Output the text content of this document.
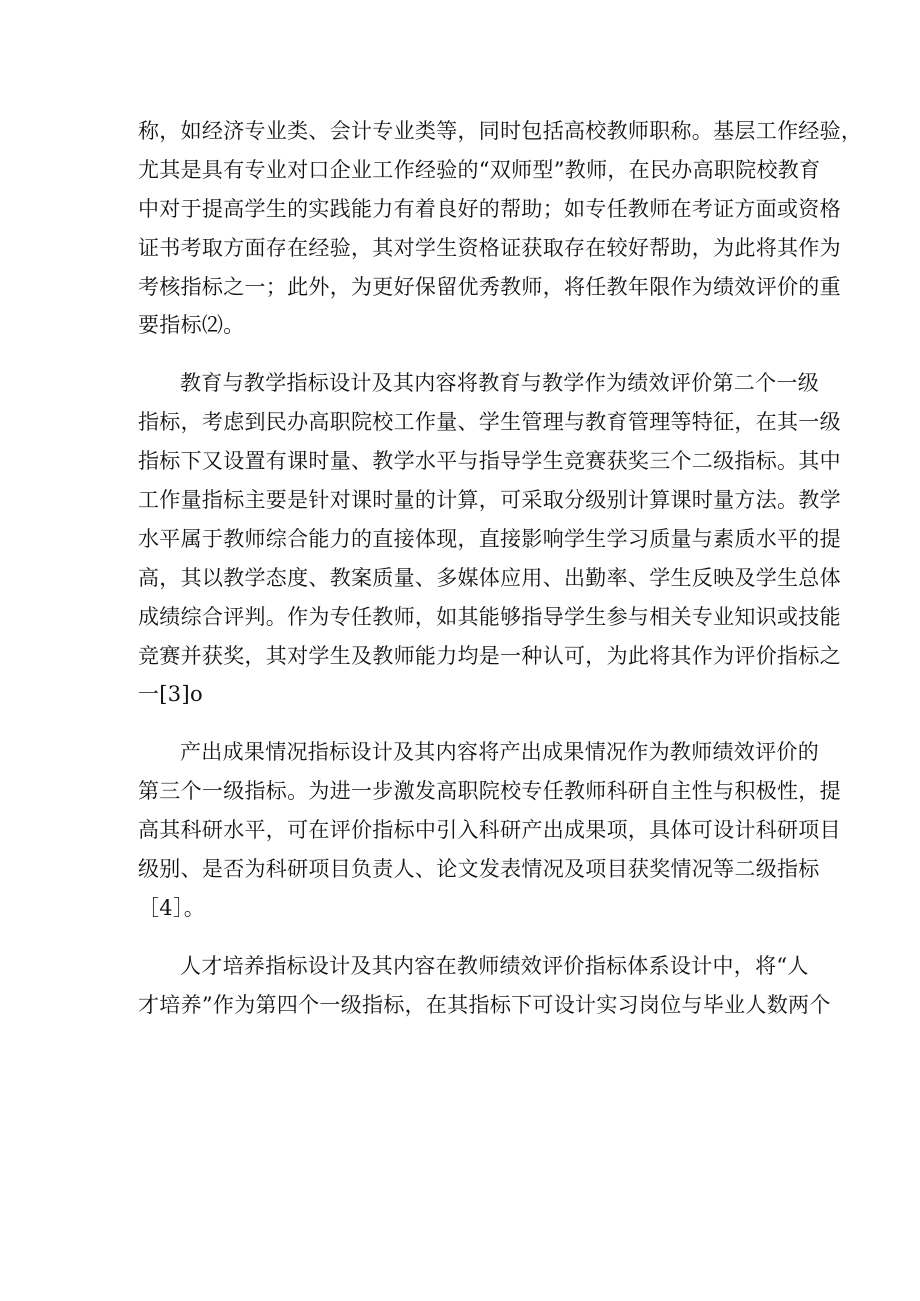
称，如经济专业类、会计专业类等，同时包括高校教师职称。基层工作经验，
尤其是具有专业对口企业工作经验的“双师型”教师，在民办高职院校教育
中对于提高学生的实践能力有着良好的帮助；如专任教师在考证方面或资格
证书考取方面存在经验，其对学生资格证获取存在较好帮助，为此将其作为
考核指标之一；此外，为更好保留优秀教师，将任教年限作为绩效评价的重
要指标⑵。
教育与教学指标设计及其内容将教育与教学作为绩效评价第二个一级
指标，考虑到民办高职院校工作量、学生管理与教育管理等特征，在其一级
指标下又设置有课时量、教学水平与指导学生竞赛获奖三个二级指标。其中
工作量指标主要是针对课时量的计算，可采取分级别计算课时量方法。教学
水平属于教师综合能力的直接体现，直接影响学生学习质量与素质水平的提
高，其以教学态度、教案质量、多媒体应用、出勤率、学生反映及学生总体
成绩综合评判。作为专任教师，如其能够指导学生参与相关专业知识或技能
竞赛并获奖，其对学生及教师能力均是一种认可，为此将其作为评价指标之
一[3]o
产出成果情况指标设计及其内容将产出成果情况作为教师绩效评价的
第三个一级指标。为进一步激发高职院校专任教师科研自主性与积极性，提
高其科研水平，可在评价指标中引入科研产出成果项，具体可设计科研项目
级别、是否为科研项目负责人、论文发表情况及项目获奖情况等二级指标
［4］。
人才培养指标设计及其内容在教师绩效评价指标体系设计中，将“人
才培养”作为第四个一级指标，在其指标下可设计实习岗位与毕业人数两个
